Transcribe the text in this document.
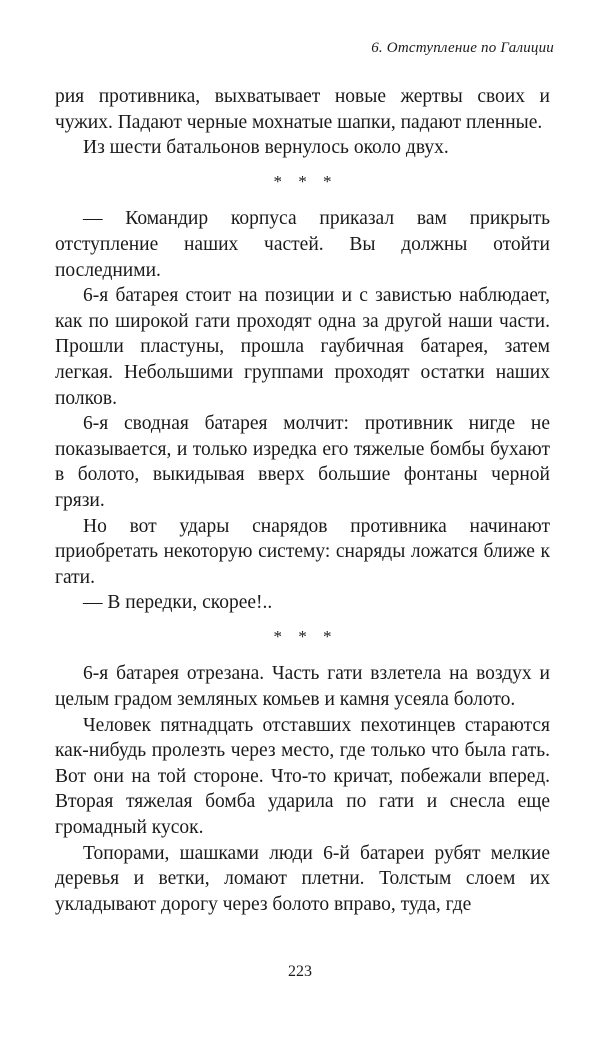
6. Отступление по Галиции

рия противника, выхватывает новые жертвы своих и чужих. Падают черные мохнатые шапки, падают пленные.

Из шести батальонов вернулось около двух.

* * *

— Командир корпуса приказал вам прикрыть отступление наших частей. Вы должны отойти последними.

6-я батарея стоит на позиции и с завистью наблюдает, как по широкой гати проходят одна за другой наши части. Прошли пластуны, прошла гаубичная батарея, затем легкая. Небольшими группами проходят остатки наших полков.

6-я сводная батарея молчит: противник нигде не показывается, и только изредка его тяжелые бомбы бухают в болото, выкидывая вверх большие фонтаны черной грязи.

Но вот удары снарядов противника начинают приобретать некоторую систему: снаряды ложатся ближе к гати.

— В передки, скорее!..

* * *

6-я батарея отрезана. Часть гати взлетела на воздух и целым градом земляных комьев и камня усеяла болото.

Человек пятнадцать отставших пехотинцев стараются как-нибудь пролезть через место, где только что была гать. Вот они на той стороне. Что-то кричат, побежали вперед. Вторая тяжелая бомба ударила по гати и снесла еще громадный кусок.

Топорами, шашками люди 6-й батареи рубят мелкие деревья и ветки, ломают плетни. Толстым слоем их укладывают дорогу через болото вправо, туда, где

223
